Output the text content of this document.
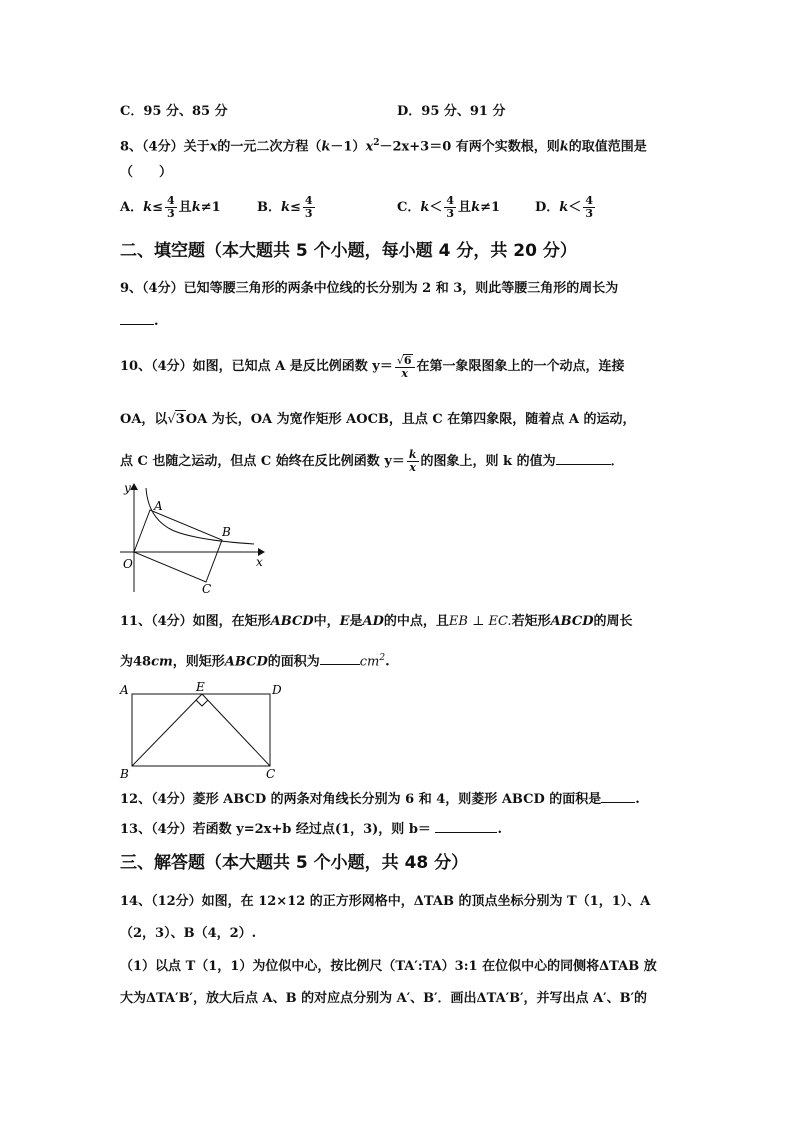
C．95 分、85 分	D．95 分、91 分
8、（4分）关于x的一元二次方程$(k-1)x^2-2x+3=0$ 有两个实数根，则k的取值范围是
（　　）
A．$k\le \frac{4}{3}$ 且k≠1	B．$k\le \frac{4}{3}$	C．$k< \frac{4}{3}$ 且k≠1	D．$k< \frac{4}{3}$
二、填空题（本大题共 5 个小题，每小题 4 分，共 20 分）
9、（4分）已知等腰三角形的两条中位线的长分别为 2 和 3，则此等腰三角形的周长为
.
10、（4分）如图，已知点 A 是反比例函数 $y= \frac{√6}{x}$ 在第一象限图象上的一个动点，连接
OA，以√3OA 为长，OA 为宽作矩形 AOCB，且点 C 在第四象限，随着点 A 的运动，
点 C 也随之运动，但点 C 始终在反比例函数 $y= \frac{k}{x}$ 的图象上，则 k 的值为	．
y
x
O
A
B
C
11、（4分）如图，在矩形ABCD中，E是AD的中点，且EB ⊥ EC.若矩形ABCD的周长
为48cm，则矩形ABCD的面积为	$cm^2$.
A	E	D
B	C
12、（4分）菱形 ABCD 的两条对角线长分别为 6 和 4，则菱形 ABCD 的面积是	.
13、（4分）若函数 y=2x+b 经过点(1，3)，则 b＝	.
三、解答题（本大题共 5 个小题，共 48 分）
14、（12分）如图，在 12×12 的正方形网格中，ΔTAB 的顶点坐标分别为 T（1，1）、A
（2，3）、B（4，2）.
（1）以点 T（1，1）为位似中心，按比例尺（TA′:TA）3:1 在位似中心的同侧将ΔTAB 放
大为ΔTA′B′，放大后点 A、B 的对应点分别为 A′、B′．画出ΔTA′B′，并写出点 A′、B′的
